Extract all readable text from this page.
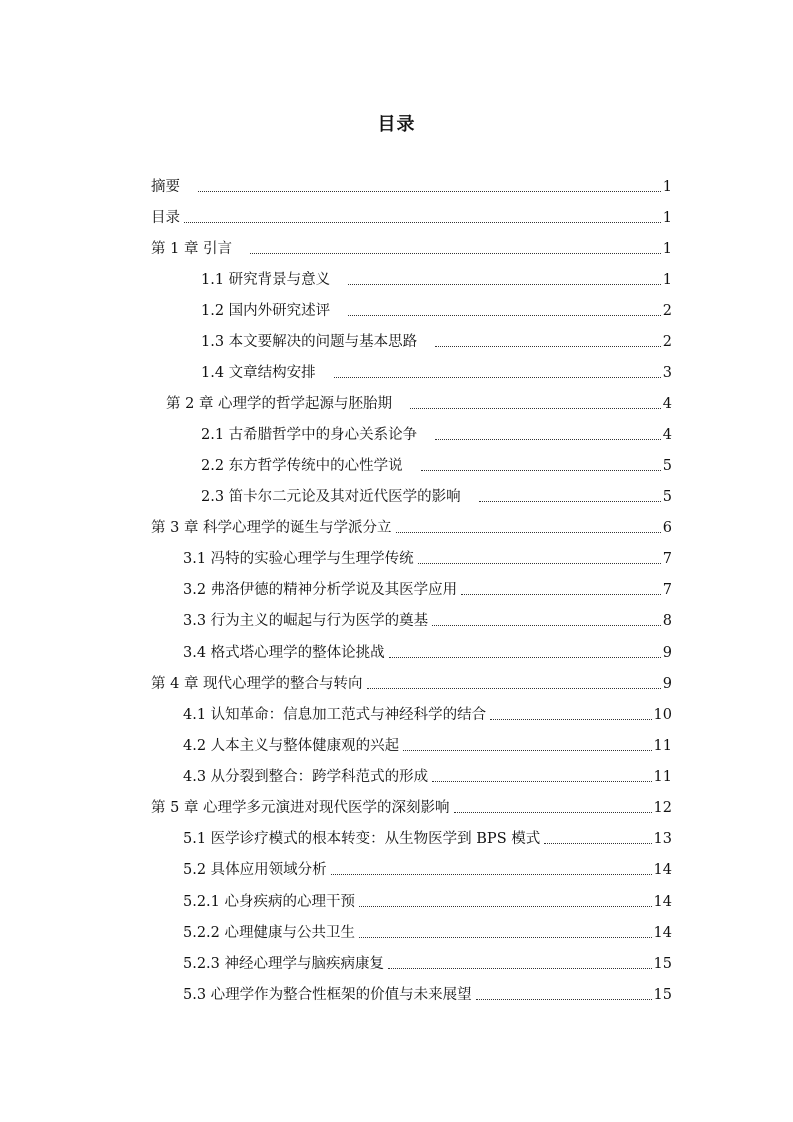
目录
摘要	1
目录	1
第 1 章 引言	1
1.1 研究背景与意义	1
1.2 国内外研究述评	2
1.3 本文要解决的问题与基本思路	2
1.4 文章结构安排	3
第 2 章 心理学的哲学起源与胚胎期	4
2.1 古希腊哲学中的身心关系论争	4
2.2 东方哲学传统中的心性学说	5
2.3 笛卡尔二元论及其对近代医学的影响	5
第 3 章 科学心理学的诞生与学派分立	6
3.1 冯特的实验心理学与生理学传统	7
3.2 弗洛伊德的精神分析学说及其医学应用	7
3.3 行为主义的崛起与行为医学的奠基	8
3.4 格式塔心理学的整体论挑战	9
第 4 章 现代心理学的整合与转向	9
4.1 认知革命：信息加工范式与神经科学的结合	10
4.2 人本主义与整体健康观的兴起	11
4.3 从分裂到整合：跨学科范式的形成	11
第 5 章 心理学多元演进对现代医学的深刻影响	12
5.1 医学诊疗模式的根本转变：从生物医学到 BPS 模式	13
5.2 具体应用领域分析	14
5.2.1 心身疾病的心理干预	14
5.2.2 心理健康与公共卫生	14
5.2.3 神经心理学与脑疾病康复	15
5.3 心理学作为整合性框架的价值与未来展望	15
